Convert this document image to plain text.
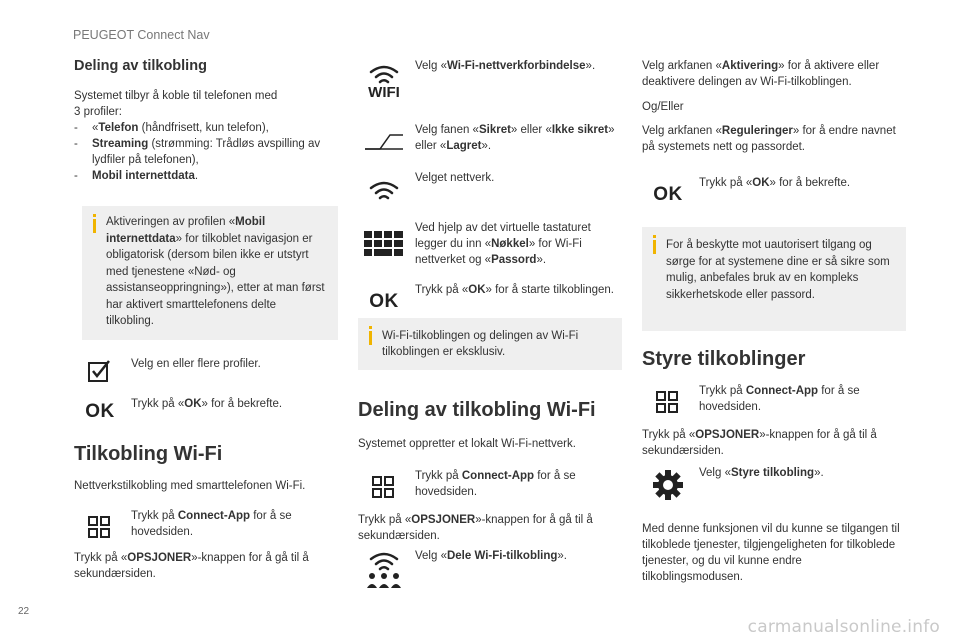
PEUGEOT Connect Nav
Deling av tilkobling
Systemet tilbyr å koble til telefonen med
3 profiler:
- «Telefon (håndfrisett, kun telefon),
- Streaming (strømming: Trådløs avspilling av lydfiler på telefonen),
- Mobil internettdata.
Aktiveringen av profilen «Mobil internettdata» for tilkoblet navigasjon er obligatorisk (dersom bilen ikke er utstyrt med tjenestene «Nød- og assistanseoppringning»), etter at man først har aktivert smarttelefonens delte tilkobling.
Velg en eller flere profiler.
OK Trykk på «OK» for å bekrefte.
Tilkobling Wi-Fi
Nettverkstilkobling med smarttelefonen Wi-Fi.
Trykk på Connect-App for å se hovedsiden.
Trykk på «OPSJONER»-knappen for å gå til å sekundærsiden.
WIFI
Velg «Wi-Fi-nettverkforbindelse».
Velg fanen «Sikret» eller «Ikke sikret» eller «Lagret».
Velget nettverk.
Ved hjelp av det virtuelle tastaturet legger du inn «Nøkkel» for Wi-Fi nettverket og «Passord».
OK
Trykk på «OK» for å starte tilkoblingen.
Wi-Fi-tilkoblingen og delingen av Wi-Fi tilkoblingen er eksklusiv.
Deling av tilkobling Wi-Fi
Systemet oppretter et lokalt Wi-Fi-nettverk.
Trykk på Connect-App for å se hovedsiden.
Trykk på «OPSJONER»-knappen for å gå til å sekundærsiden.
Velg «Dele Wi-Fi-tilkobling».
Velg arkfanen «Aktivering» for å aktivere eller deaktivere delingen av Wi-Fi-tilkoblingen.
Og/Eller
Velg arkfanen «Reguleringer» for å endre navnet på systemets nett og passordet.
OK
Trykk på «OK» for å bekrefte.
For å beskytte mot uautorisert tilgang og sørge for at systemene dine er så sikre som mulig, anbefales bruk av en kompleks sikkerhetskode eller passord.
Styre tilkoblinger
Trykk på Connect-App for å se hovedsiden.
Trykk på «OPSJONER»-knappen for å gå til å sekundærsiden.
Velg «Styre tilkobling».
Med denne funksjonen vil du kunne se tilgangen til tilkoblede tjenester, tilgjengeligheten for tilkoblede tjenester, og du vil kunne endre tilkoblingsmodusen.
22
carmanualsonline.info
